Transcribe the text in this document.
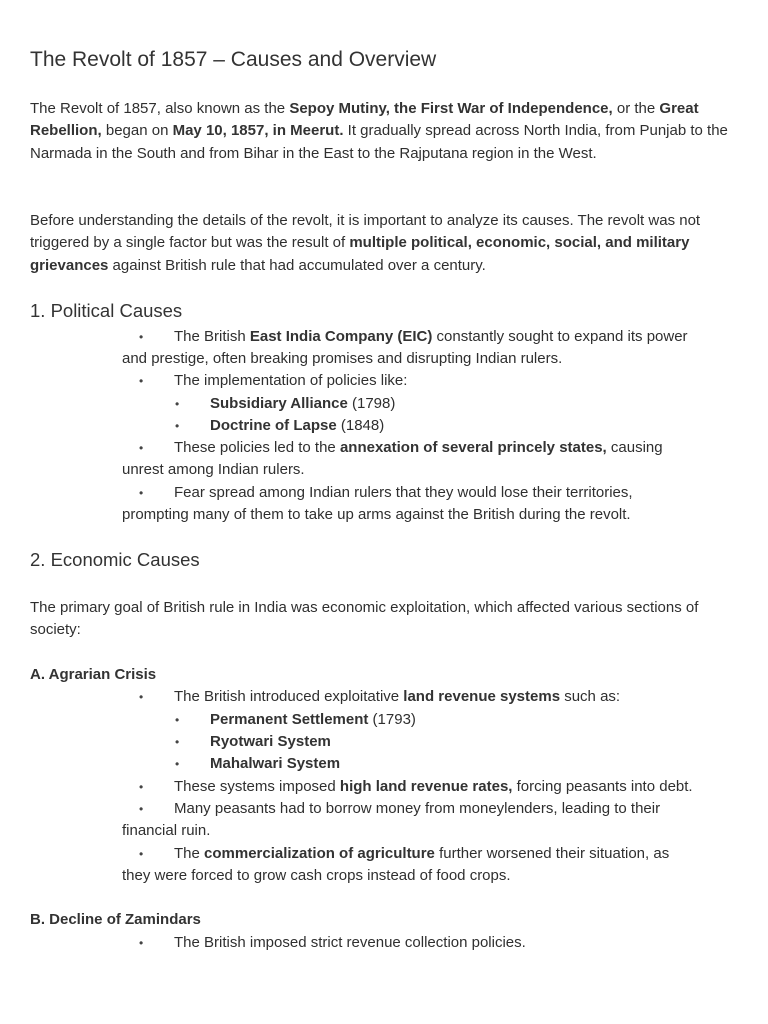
The Revolt of 1857 – Causes and Overview

The Revolt of 1857, also known as the Sepoy Mutiny, the First War of Independence, or the Great Rebellion, began on May 10, 1857, in Meerut. It gradually spread across North India, from Punjab to the Narmada in the South and from Bihar in the East to the Rajputana region in the West.

Before understanding the details of the revolt, it is important to analyze its causes. The revolt was not triggered by a single factor but was the result of multiple political, economic, social, and military grievances against British rule that had accumulated over a century.

1. Political Causes
• The British East India Company (EIC) constantly sought to expand its power

and prestige, often breaking promises and disrupting Indian rulers.

• The implementation of policies like:

• Subsidiary Alliance (1798)

• Doctrine of Lapse (1848)

• These policies led to the annexation of several princely states, causing

unrest among Indian rulers.

• Fear spread among Indian rulers that they would lose their territories,

prompting many of them to take up arms against the British during the revolt.

2. Economic Causes

The primary goal of British rule in India was economic exploitation, which affected various sections of society:

A. Agrarian Crisis
• The British introduced exploitative land revenue systems such as:

• Permanent Settlement (1793)

• Ryotwari System

• Mahalwari System

• These systems imposed high land revenue rates, forcing peasants into debt.

• Many peasants had to borrow money from moneylenders, leading to their

financial ruin.

• The commercialization of agriculture further worsened their situation, as

they were forced to grow cash crops instead of food crops.

B. Decline of Zamindars
• The British imposed strict revenue collection policies.
